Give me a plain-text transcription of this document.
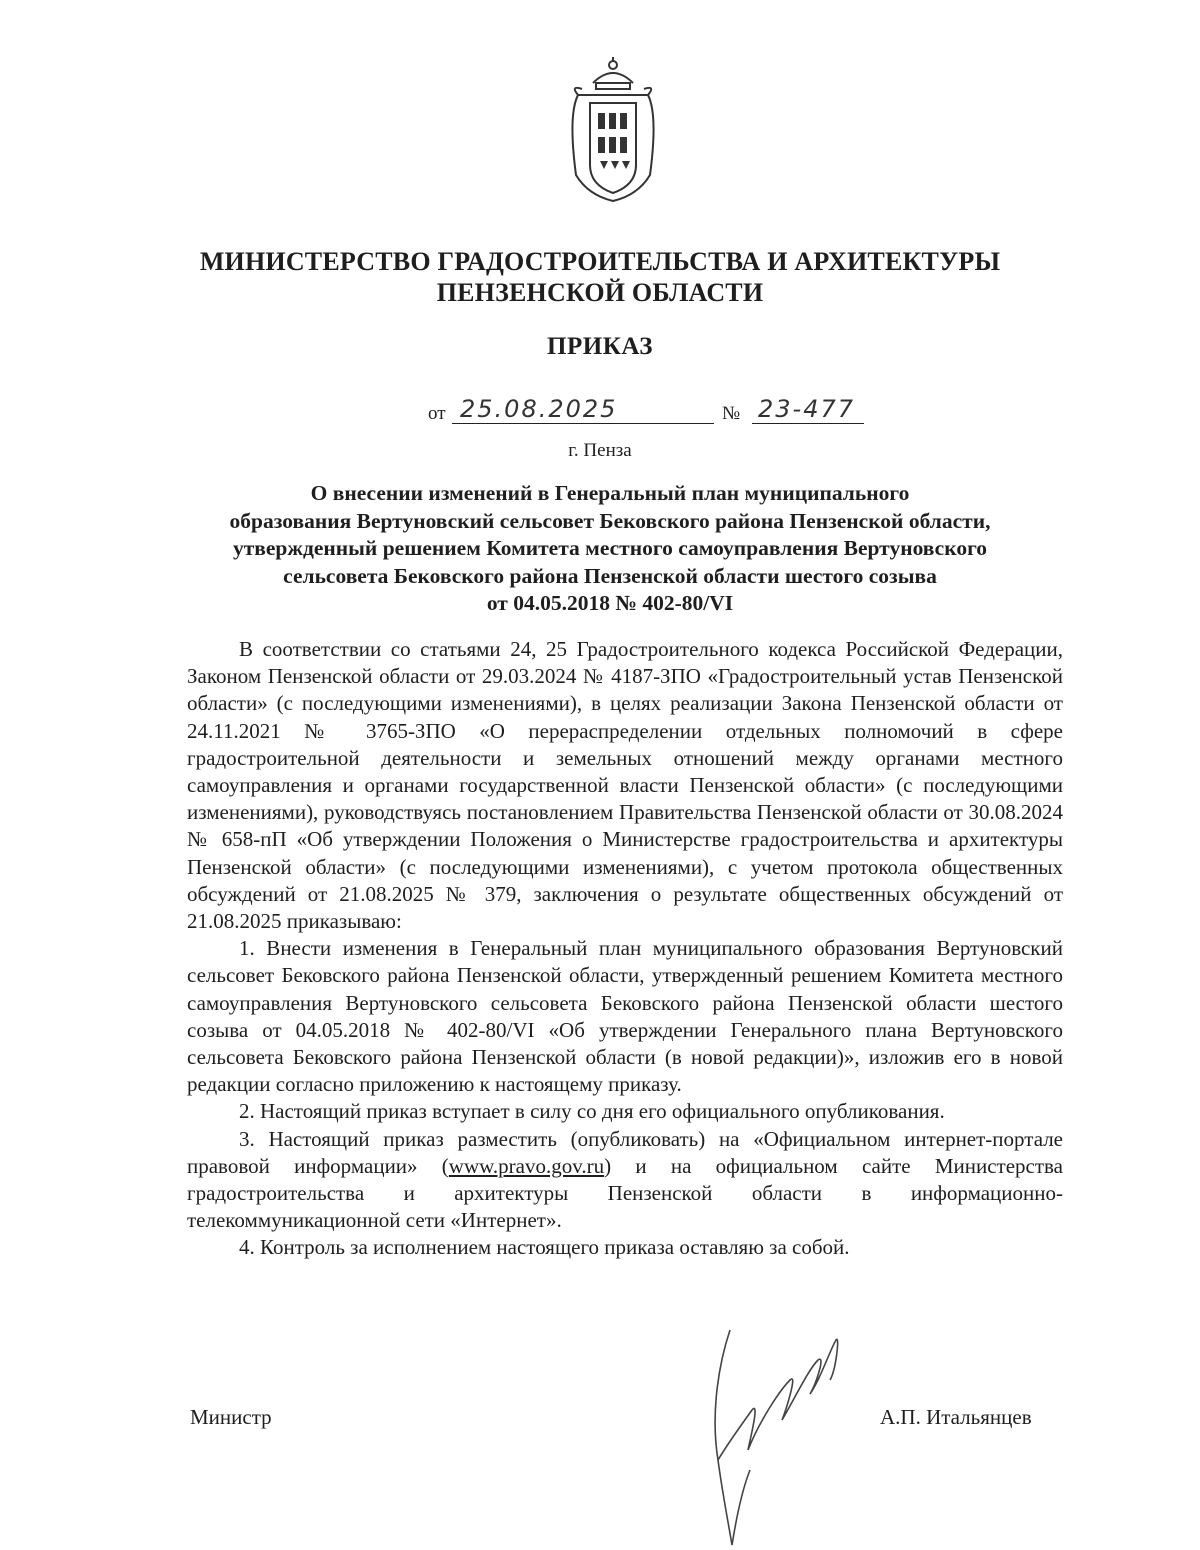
МИНИСТЕРСТВО ГРАДОСТРОИТЕЛЬСТВА И АРХИТЕКТУРЫ
ПЕНЗЕНСКОЙ ОБЛАСТИ
ПРИКАЗ
от 25.08.2025	№ 23-477
г. Пенза
О внесении изменений в Генеральный план муниципального
образования Вертуновский сельсовет Бековского района Пензенской области,
утвержденный решением Комитета местного самоуправления Вертуновского
сельсовета Бековского района Пензенской области шестого созыва
от 04.05.2018 № 402-80/VI

В соответствии со статьями 24, 25 Градостроительного кодекса Российской Федерации, Законом Пензенской области от 29.03.2024 № 4187-ЗПО «Градостроительный устав Пензенской области» (с последующими изменениями), в целях реализации Закона Пензенской области от 24.11.2021 № 3765-ЗПО «О перераспределении отдельных полномочий в сфере градостроительной деятельности и земельных отношений между органами местного самоуправления и органами государственной власти Пензенской области» (с последующими изменениями), руководствуясь постановлением Правительства Пензенской области от 30.08.2024 № 658-пП «Об утверждении Положения о Министерстве градостроительства и архитектуры Пензенской области» (с последующими изменениями), с учетом протокола общественных обсуждений от 21.08.2025 № 379, заключения о результате общественных обсуждений от 21.08.2025 приказываю:

1. Внести изменения в Генеральный план муниципального образования Вертуновский сельсовет Бековского района Пензенской области, утвержденный решением Комитета местного самоуправления Вертуновского сельсовета Бековского района Пензенской области шестого созыва от 04.05.2018 № 402-80/VI «Об утверждении Генерального плана Вертуновского сельсовета Бековского района Пензенской области (в новой редакции)», изложив его в новой редакции согласно приложению к настоящему приказу.

2. Настоящий приказ вступает в силу со дня его официального опубликования.

3. Настоящий приказ разместить (опубликовать) на «Официальном интернет-портале правовой информации» (www.pravo.gov.ru) и на официальном сайте Министерства градостроительства и архитектуры Пензенской области в информационно-телекоммуникационной сети «Интернет».

4. Контроль за исполнением настоящего приказа оставляю за собой.

Министр	А.П. Итальянцев
